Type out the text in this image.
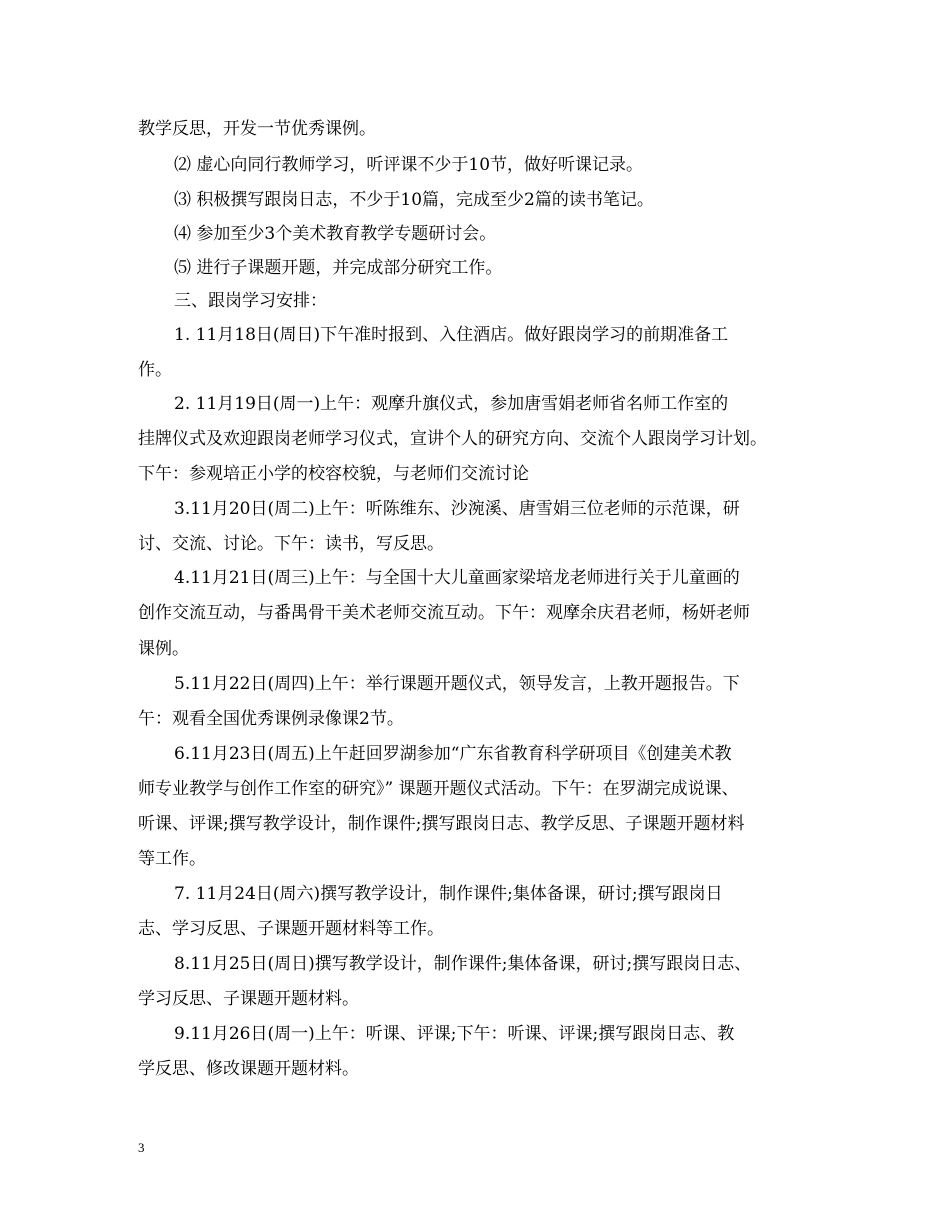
教学反思，开发一节优秀课例。
⑵ 虚心向同行教师学习，听评课不少于10节，做好听课记录。
⑶ 积极撰写跟岗日志，不少于10篇，完成至少2篇的读书笔记。
⑷ 参加至少3个美术教育教学专题研讨会。
⑸ 进行子课题开题，并完成部分研究工作。
三、跟岗学习安排：
1. 11月18日(周日)下午准时报到、入住酒店。做好跟岗学习的前期准备工
作。
2. 11月19日(周一)上午：观摩升旗仪式，参加唐雪娟老师省名师工作室的
挂牌仪式及欢迎跟岗老师学习仪式，宣讲个人的研究方向、交流个人跟岗学习计划。
下午：参观培正小学的校容校貌，与老师们交流讨论
3.11月20日(周二)上午：听陈维东、沙涴溪、唐雪娟三位老师的示范课，研
讨、交流、讨论。下午：读书，写反思。
4.11月21日(周三)上午：与全国十大儿童画家梁培龙老师进行关于儿童画的
创作交流互动，与番禺骨干美术老师交流互动。下午：观摩余庆君老师，杨妍老师
课例。
5.11月22日(周四)上午：举行课题开题仪式，领导发言，上教开题报告。下
午：观看全国优秀课例录像课2节。
6.11月23日(周五)上午赶回罗湖参加“广东省教育科学研项目《创建美术教
师专业教学与创作工作室的研究》” 课题开题仪式活动。下午：在罗湖完成说课、
听课、评课;撰写教学设计，制作课件;撰写跟岗日志、教学反思、子课题开题材料
等工作。
7. 11月24日(周六)撰写教学设计，制作课件;集体备课，研讨;撰写跟岗日
志、学习反思、子课题开题材料等工作。
8.11月25日(周日)撰写教学设计，制作课件;集体备课，研讨;撰写跟岗日志、
学习反思、子课题开题材料。
9.11月26日(周一)上午：听课、评课;下午：听课、评课;撰写跟岗日志、教
学反思、修改课题开题材料。
3
